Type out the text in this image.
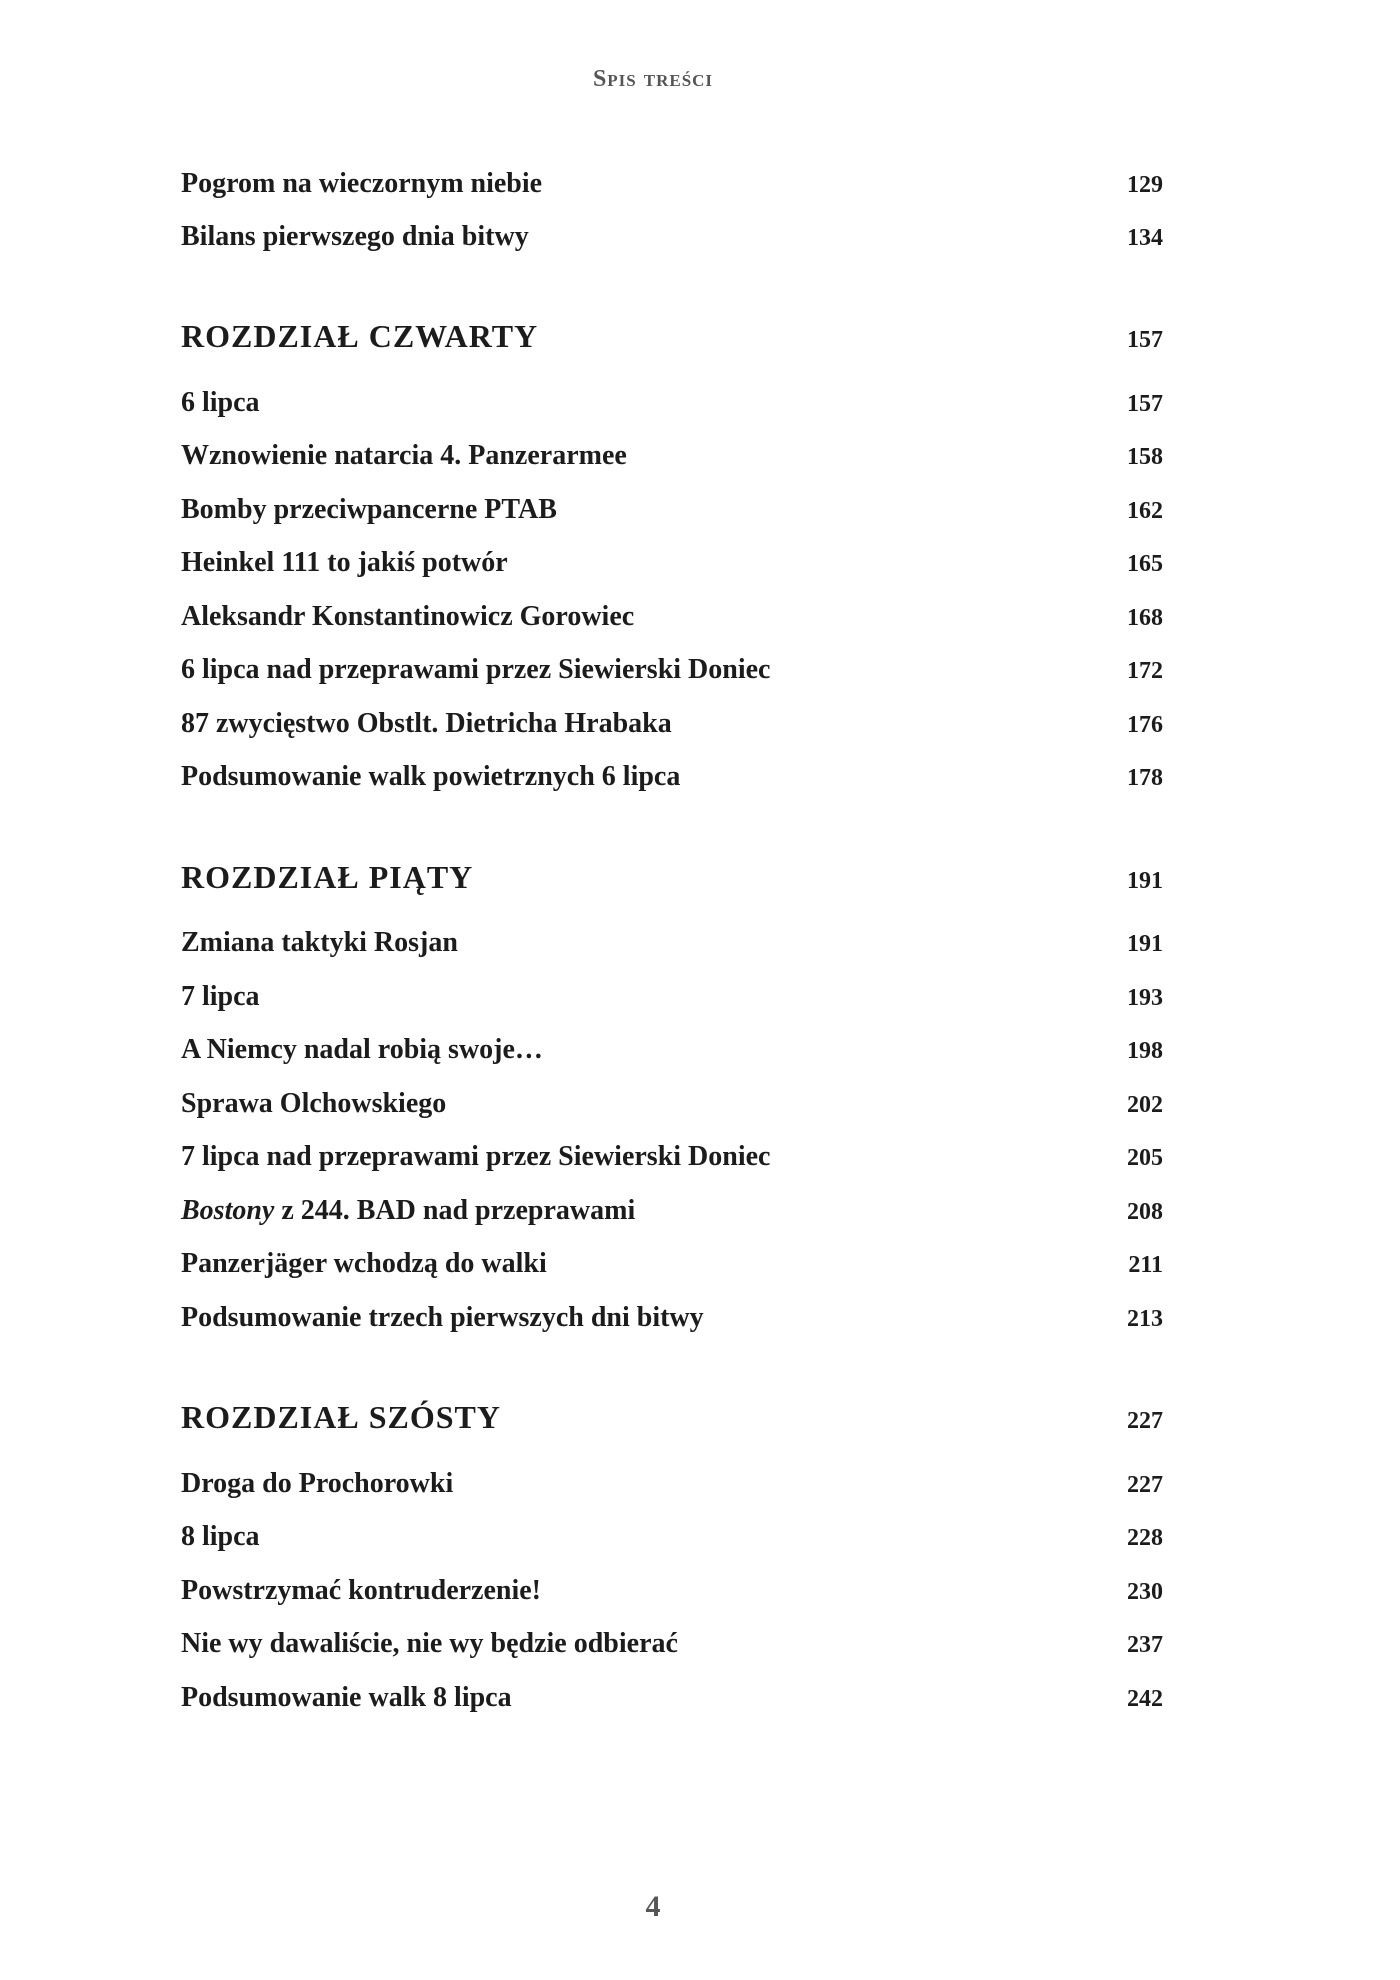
Spis treści
Pogrom na wieczornym niebie	129
Bilans pierwszego dnia bitwy	134
ROZDZIAŁ CZWARTY	157
6 lipca	157
Wznowienie natarcia 4. Panzerarmee	158
Bomby przeciwpancerne PTAB	162
Heinkel 111 to jakiś potwór	165
Aleksandr Konstantinowicz Gorowiec	168
6 lipca nad przeprawami przez Siewierski Doniec	172
87 zwycięstwo Obstlt. Dietricha Hrabaka	176
Podsumowanie walk powietrznych 6 lipca	178
ROZDZIAŁ PIĄTY	191
Zmiana taktyki Rosjan	191
7 lipca	193
A Niemcy nadal robią swoje…	198
Sprawa Olchowskiego	202
7 lipca nad przeprawami przez Siewierski Doniec	205
Bostony z 244. BAD nad przeprawami	208
Panzerjäger wchodzą do walki	211
Podsumowanie trzech pierwszych dni bitwy	213
ROZDZIAŁ SZÓSTY	227
Droga do Prochorowki	227
8 lipca	228
Powstrzymać kontruderzenie!	230
Nie wy dawaliście, nie wy będzie odbierać	237
Podsumowanie walk 8 lipca	242
4
